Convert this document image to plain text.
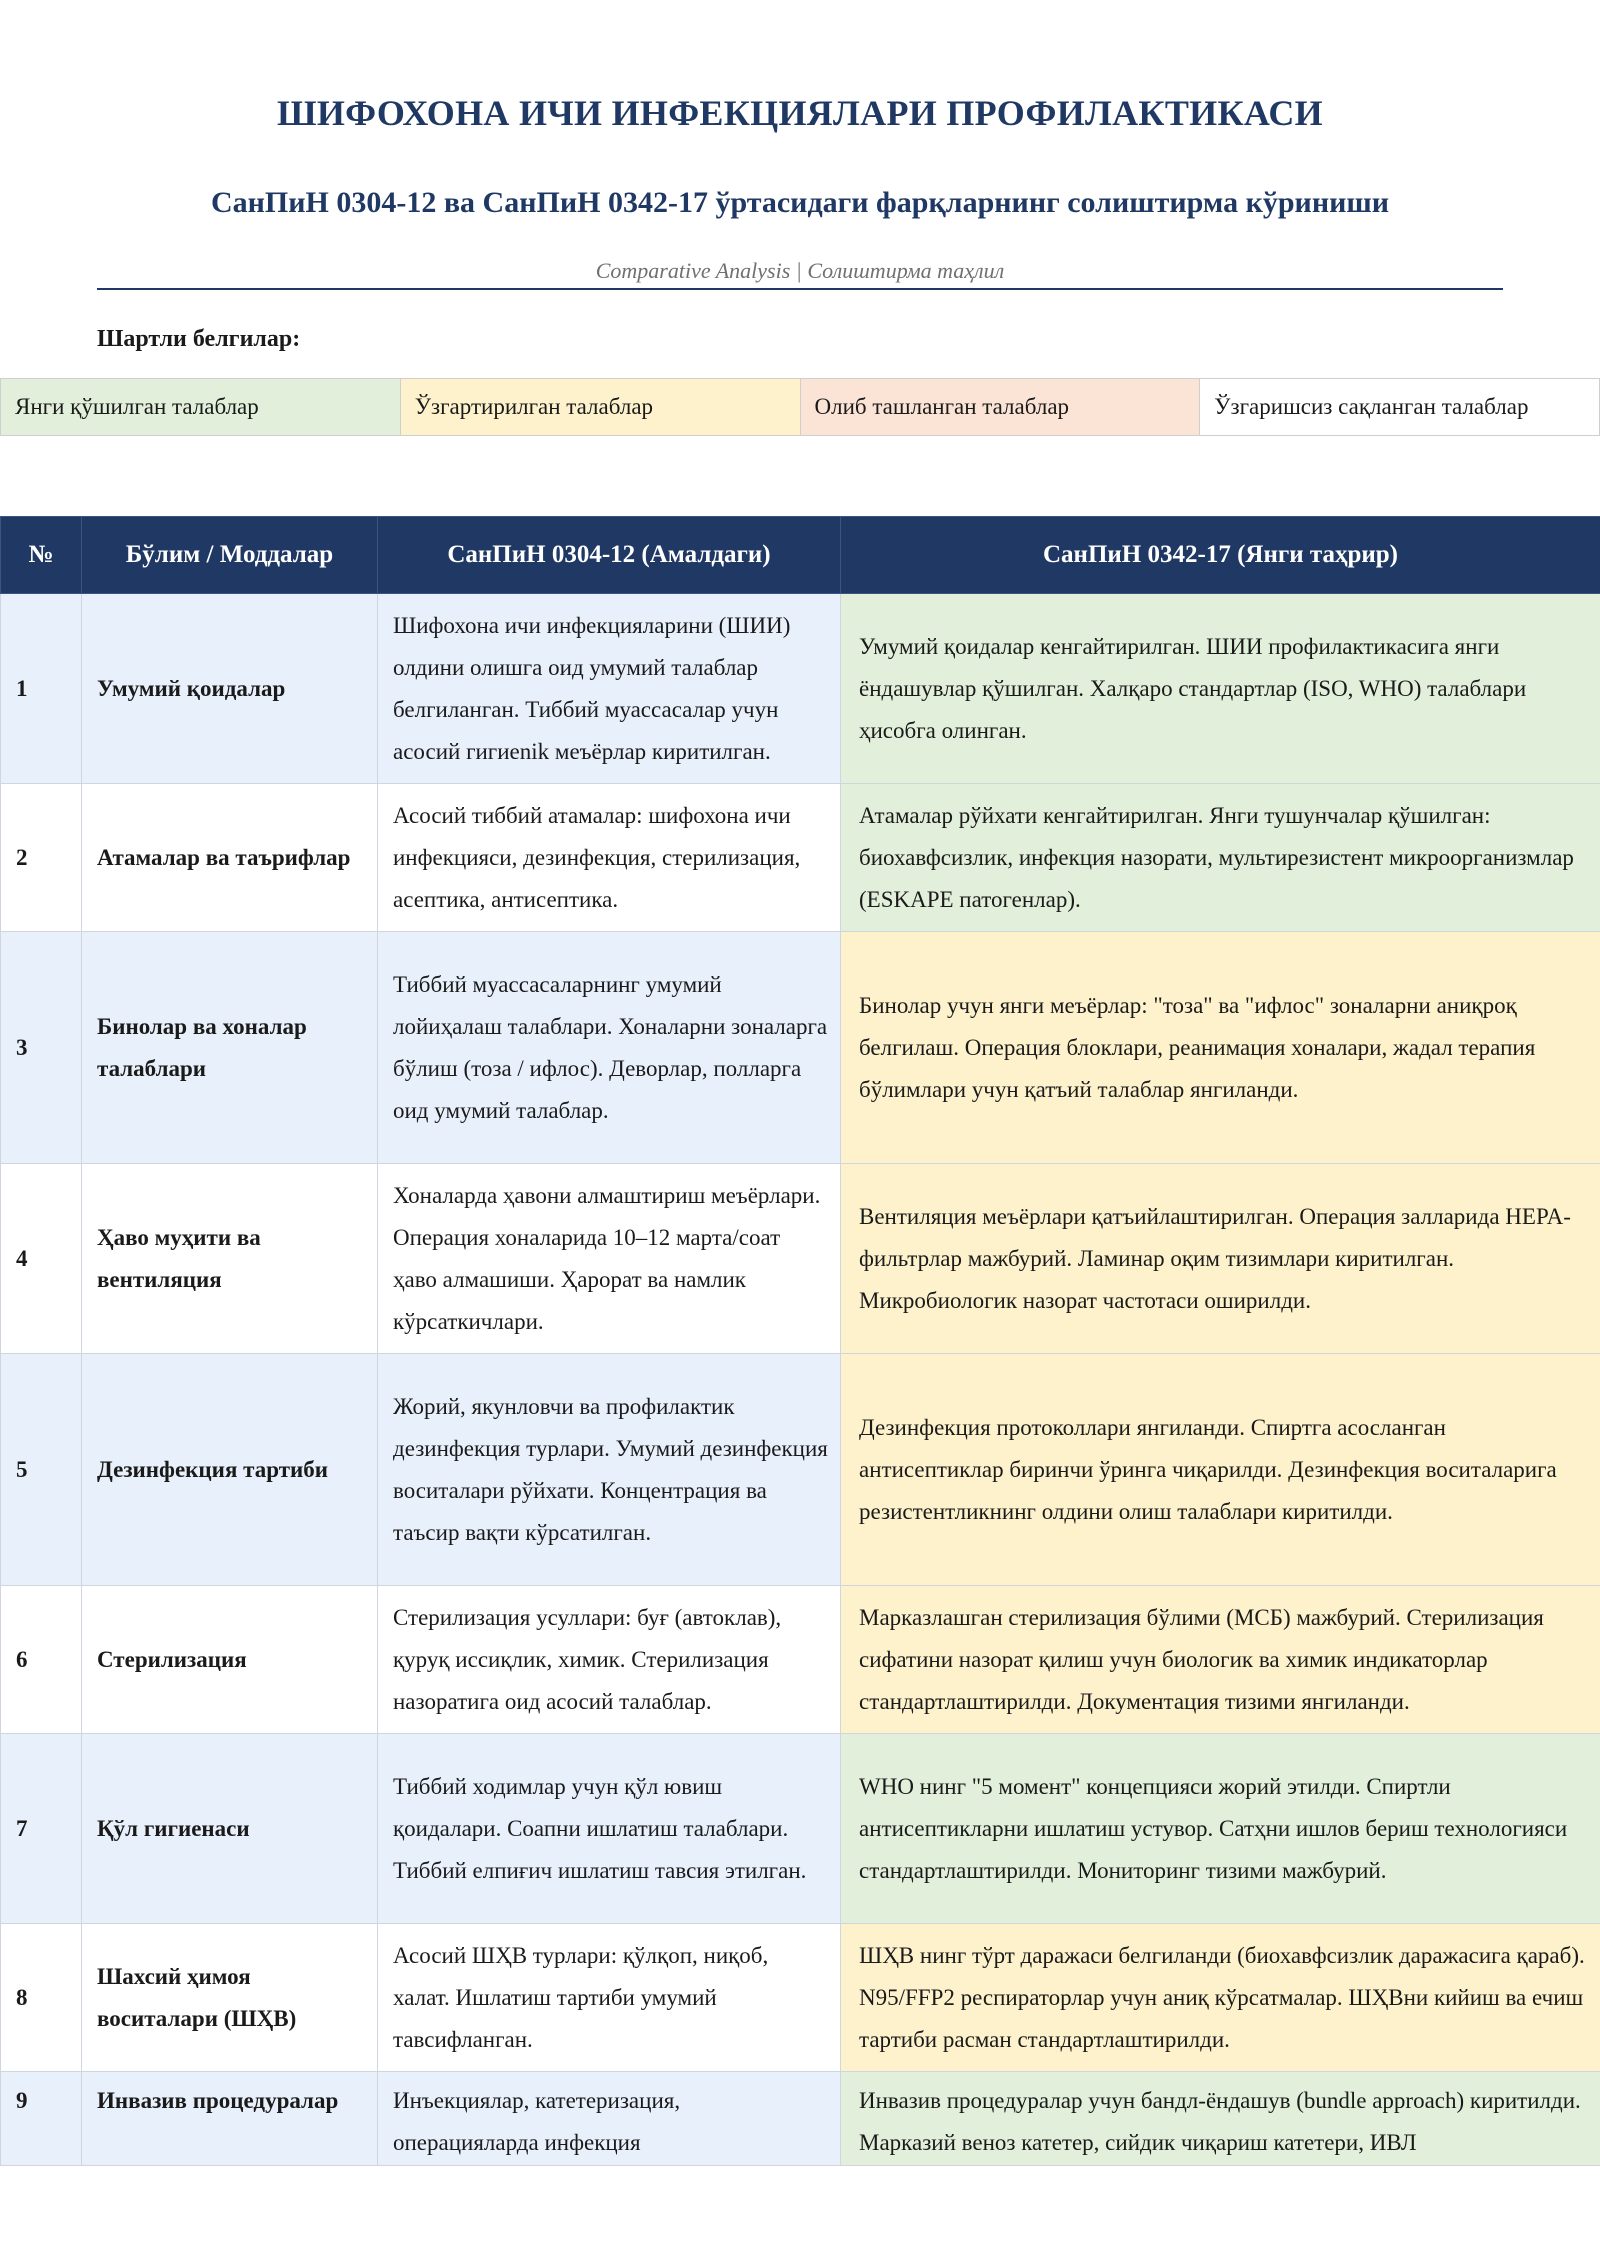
ШИФОХОНА ИЧИ ИНФЕКЦИЯЛАРИ ПРОФИЛАКТИКАСИ
СанПиН 0304-12 ва СанПиН 0342-17 ўртасидаги фарқларнинг солиштирма кўриниши
Comparative Analysis | Солиштирма таҳлил
Шартли белгилар:
Янги қўшилган талаблар	Ўзгартирилган талаблар	Олиб ташланган талаблар	Ўзгаришсиз сақланган талаблар
№	Бўлим / Моддалар	СанПиН 0304-12 (Амалдаги)	СанПиН 0342-17 (Янги таҳрир)
1	Умумий қоидалар	Шифохона ичи инфекцияларини (ШИИ) олдини олишга оид умумий талаблар белгиланган. Тиббий муассасалар учун асосий гигиеnik меъёрлар киритилган.	Умумий қоидалар кенгайтирилган. ШИИ профилактикасига янги ёндашувлар қўшилган. Халқаро стандартлар (ISO, WHO) талаблари ҳисобга олинган.
2	Атамалар ва таърифлар	Асосий тиббий атамалар: шифохона ичи инфекцияси, дезинфекция, стерилизация, асептика, антисептика.	Атамалар рўйхати кенгайтирилган. Янги тушунчалар қўшилган: биохавфсизлик, инфекция назорати, мультирезистент микроорганизмлар (ESKAPE патогенлар).
3	Бинолар ва хоналар талаблари	Тиббий муассасаларнинг умумий лойиҳалаш талаблари. Хоналарни зоналарга бўлиш (тоза / ифлос). Деворлар, полларга оид умумий талаблар.	Бинолар учун янги меъёрлар: "тоза" ва "ифлос" зоналарни аниқроқ белгилаш. Операция блоклари, реанимация хоналари, жадал терапия бўлимлари учун қатъий талаблар янгиланди.
4	Ҳаво муҳити ва вентиляция	Хоналарда ҳавони алмаштириш меъёрлари. Операция хоналарида 10–12 марта/соат ҳаво алмашиши. Ҳарорат ва намлик кўрсаткичлари.	Вентиляция меъёрлари қатъийлаштирилган. Операция залларида HEPA-фильтрлар мажбурий. Ламинар оқим тизимлари киритилган. Микробиологик назорат частотаси оширилди.
5	Дезинфекция тартиби	Жорий, якунловчи ва профилактик дезинфекция турлари. Умумий дезинфекция воситалари рўйхати. Концентрация ва таъсир вақти кўрсатилган.	Дезинфекция протоколлари янгиланди. Спиртга асосланган антисептиклар биринчи ўринга чиқарилди. Дезинфекция воситаларига резистентликнинг олдини олиш талаблари киритилди.
6	Стерилизация	Стерилизация усуллари: буғ (автоклав), қуруқ иссиқлик, химик. Стерилизация назоратига оид асосий талаблар.	Марказлашган стерилизация бўлими (МСБ) мажбурий. Стерилизация сифатини назорат қилиш учун биологик ва химик индикаторлар стандартлаштирилди. Документация тизими янгиланди.
7	Қўл гигиенаси	Тиббий ходимлар учун қўл ювиш қоидалари. Соапни ишлатиш талаблари. Тиббий елпиғич ишлатиш тавсия этилган.	WHO нинг "5 момент" концепцияси жорий этилди. Спиртли антисептикларни ишлатиш устувор. Сатҳни ишлов бериш технологияси стандартлаштирилди. Мониторинг тизими мажбурий.
8	Шахсий ҳимоя воситалари (ШҲВ)	Асосий ШҲВ турлари: қўлқоп, ниқоб, халат. Ишлатиш тартиби умумий тавсифланган.	ШҲВ нинг тўрт даражаси белгиланди (биохавфсизлик даражасига қараб). N95/FFP2 респираторлар учун аниқ кўрсатмалар. ШҲВни кийиш ва ечиш тартиби расман стандартлаштирилди.
9	Инвазив процедуралар	Инъекциялар, катетеризация, операцияларда инфекция	Инвазив процедуралар учун бандл-ёндашув (bundle approach) киритилди. Марказий веноз катетер, сийдик чиқариш катетери, ИВЛ
